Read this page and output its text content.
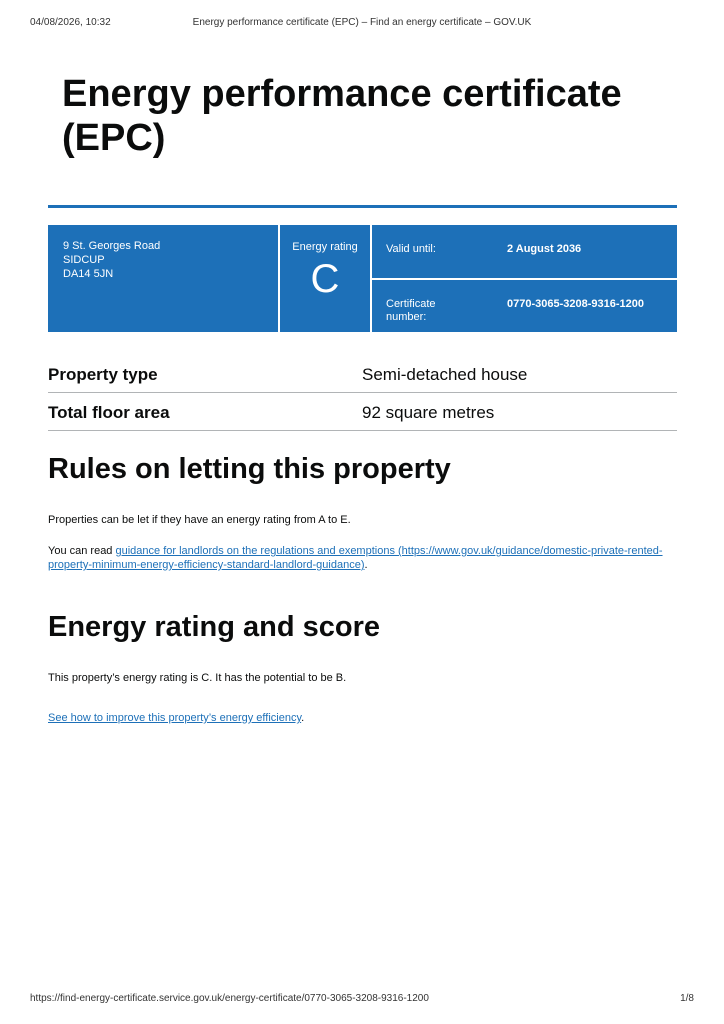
04/08/2026, 10:32	Energy performance certificate (EPC) – Find an energy certificate – GOV.UK
Energy performance certificate (EPC)
9 St. Georges Road
SIDCUP
DA14 5JN
Energy rating
C
Valid until:	2 August 2036
Certificate number:
0770-3065-3208-9316-1200
Property type	Semi-detached house
Total floor area	92 square metres
Rules on letting this property

Properties can be let if they have an energy rating from A to E.

You can read guidance for landlords on the regulations and exemptions (https://www.gov.uk/guidance/domestic-private-rented-property-minimum-energy-efficiency-standard-landlord-guidance).

Energy rating and score

This property’s energy rating is C. It has the potential to be B.

See how to improve this property’s energy efficiency.

https://find-energy-certificate.service.gov.uk/energy-certificate/0770-3065-3208-9316-1200	1/8
